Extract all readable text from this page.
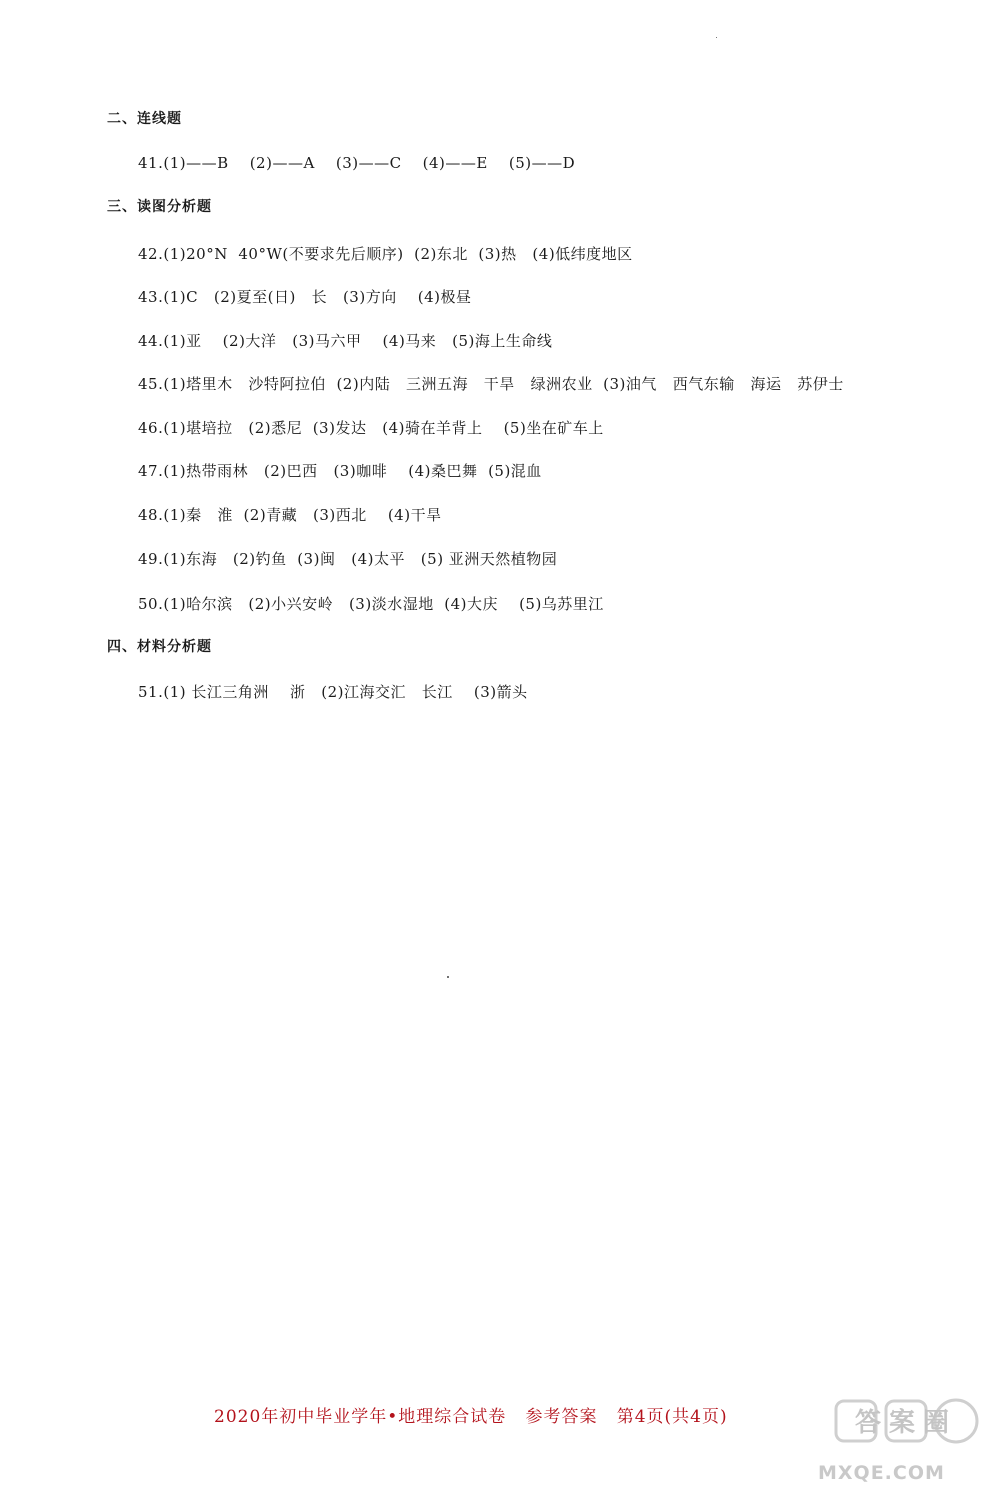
二、连线题
41.(1)——B    (2)——A    (3)——C    (4)——E    (5)——D
三、读图分析题
42.(1)20°N  40°W(不要求先后顺序)  (2)东北  (3)热   (4)低纬度地区
43.(1)C   (2)夏至(日)   长   (3)方向    (4)极昼
44.(1)亚    (2)大洋   (3)马六甲    (4)马来   (5)海上生命线
45.(1)塔里木   沙特阿拉伯  (2)内陆   三洲五海   干旱   绿洲农业  (3)油气   西气东输   海运   苏伊士
46.(1)堪培拉   (2)悉尼  (3)发达   (4)骑在羊背上    (5)坐在矿车上
47.(1)热带雨林   (2)巴西   (3)咖啡    (4)桑巴舞  (5)混血
48.(1)秦   淮  (2)青藏   (3)西北    (4)干旱
49.(1)东海   (2)钓鱼  (3)闽   (4)太平   (5) 亚洲天然植物园
50.(1)哈尔滨   (2)小兴安岭   (3)淡水湿地  (4)大庆    (5)乌苏里江
四、材料分析题
51.(1) 长江三角洲    浙   (2)江海交汇   长江    (3)箭头
2020年初中毕业学年•地理综合试卷   参考答案   第4页(共4页)	答案圈
MXQE.COM
